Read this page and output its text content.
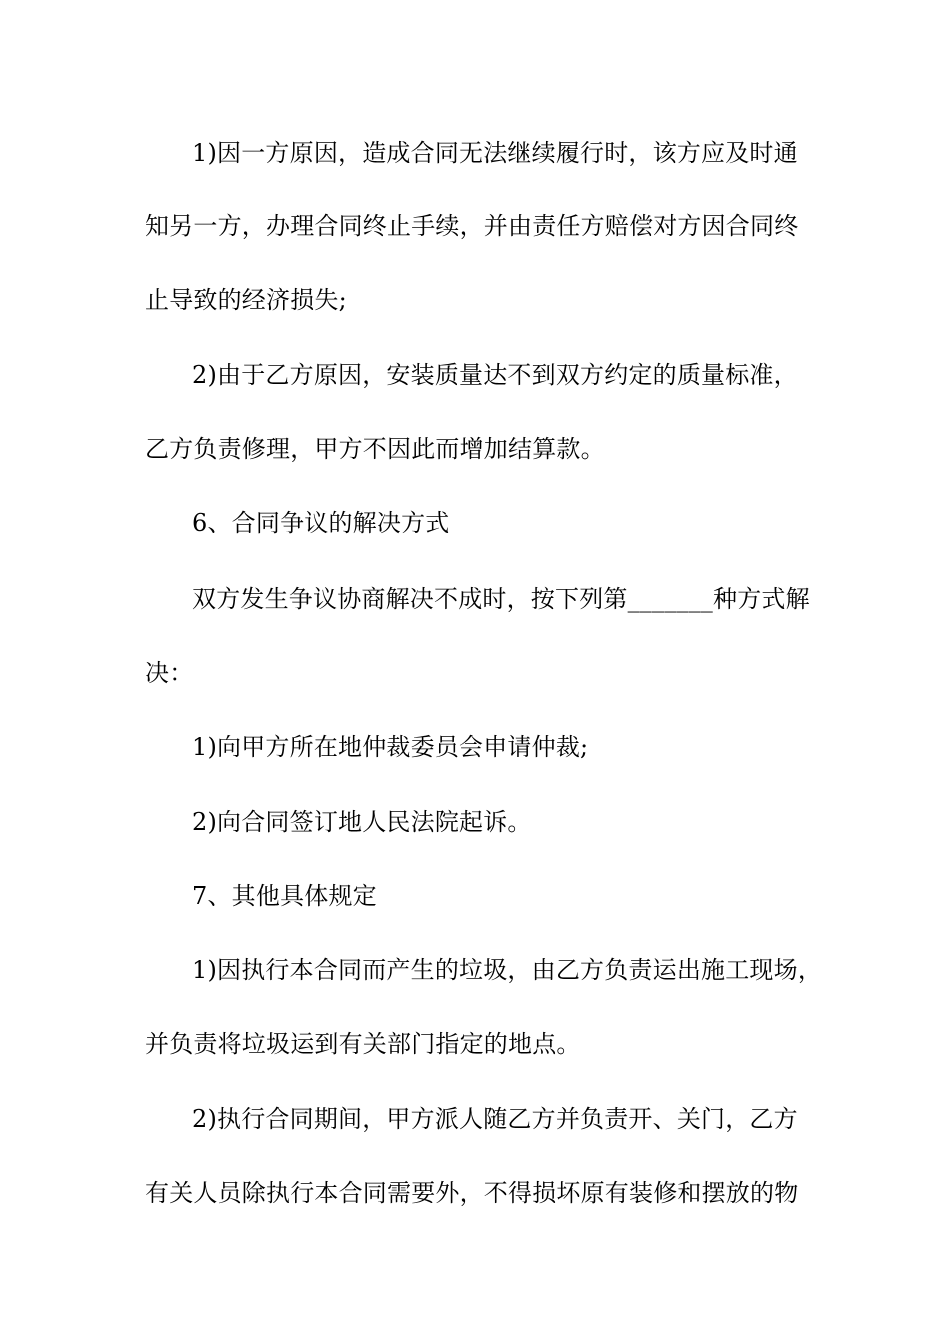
1)因一方原因，造成合同无法继续履行时，该方应及时通

知另一方，办理合同终止手续，并由责任方赔偿对方因合同终

止导致的经济损失;

2)由于乙方原因，安装质量达不到双方约定的质量标准，

乙方负责修理，甲方不因此而增加结算款。

6、合同争议的解决方式

双方发生争议协商解决不成时，按下列第_______种方式解

决：

1)向甲方所在地仲裁委员会申请仲裁;

2)向合同签订地人民法院起诉。

7、其他具体规定

1)因执行本合同而产生的垃圾，由乙方负责运出施工现场，

并负责将垃圾运到有关部门指定的地点。

2)执行合同期间，甲方派人随乙方并负责开、关门，乙方

有关人员除执行本合同需要外，不得损坏原有装修和摆放的物
